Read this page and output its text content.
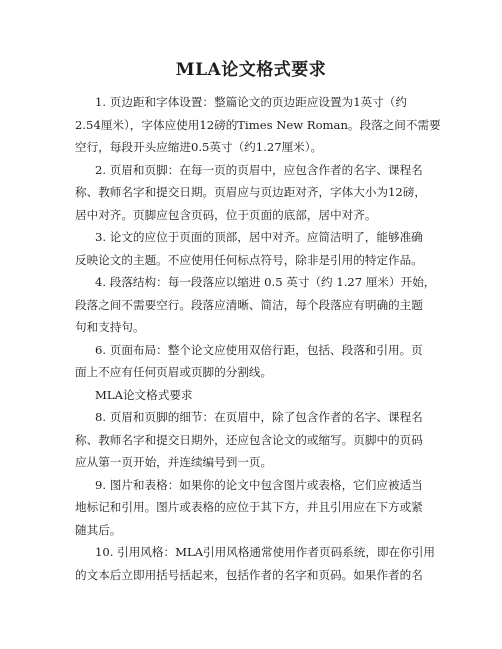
MLA论文格式要求
1. 页边距和字体设置：整篇论文的页边距应设置为1英寸（约
2.54厘米），字体应使用12磅的Times New Roman。段落之间不需要
空行，每段开头应缩进0.5英寸（约1.27厘米）。
2. 页眉和页脚：在每一页的页眉中，应包含作者的名字、课程名
称、教师名字和提交日期。页眉应与页边距对齐，字体大小为12磅，
居中对齐。页脚应包含页码，位于页面的底部，居中对齐。
3. 论文的应位于页面的顶部，居中对齐。应简洁明了，能够准确
反映论文的主题。不应使用任何标点符号，除非是引用的特定作品。
4. 段落结构：每一段落应以缩进 0.5 英寸（约 1.27 厘米）开始，
段落之间不需要空行。段落应清晰、简洁，每个段落应有明确的主题
句和支持句。
6. 页面布局：整个论文应使用双倍行距，包括、段落和引用。页
面上不应有任何页眉或页脚的分割线。
MLA论文格式要求
8. 页眉和页脚的细节：在页眉中，除了包含作者的名字、课程名
称、教师名字和提交日期外，还应包含论文的或缩写。页脚中的页码
应从第一页开始，并连续编号到一页。
9. 图片和表格：如果你的论文中包含图片或表格，它们应被适当
地标记和引用。图片或表格的应位于其下方，并且引用应在下方或紧
随其后。
10. 引用风格：MLA引用风格通常使用作者页码系统，即在你引用
的文本后立即用括号括起来，包括作者的名字和页码。如果作者的名
